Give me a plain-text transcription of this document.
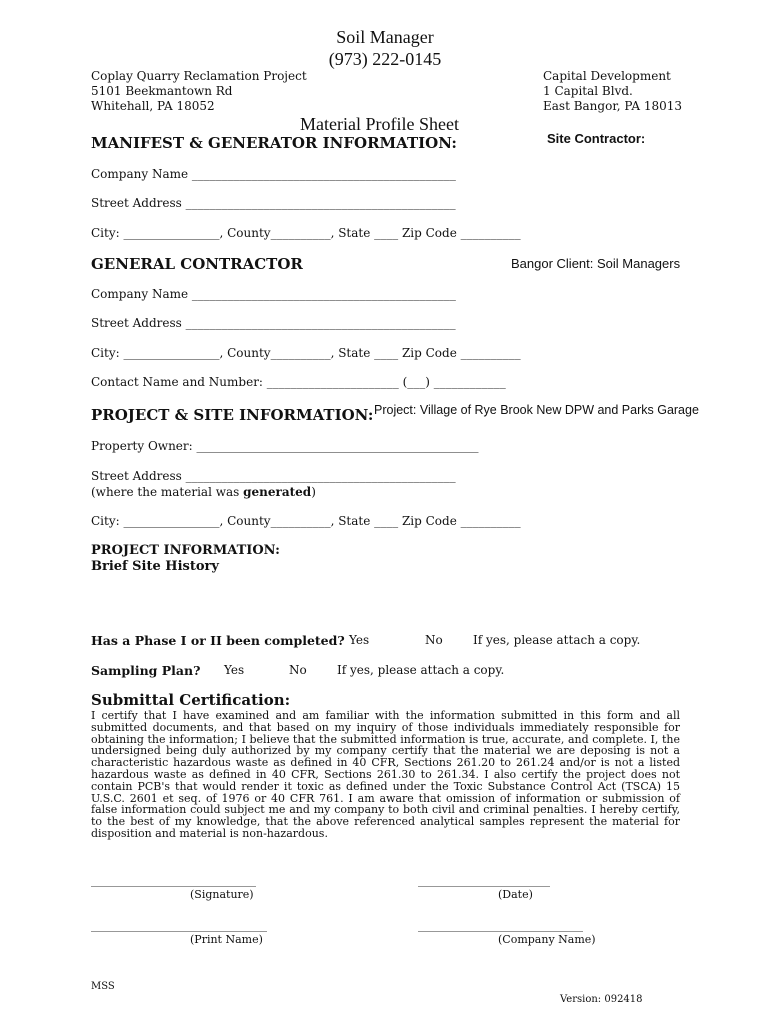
Soil Manager
(973) 222-0145
Coplay Quarry Reclamation Project
5101 Beekmantown Rd
Whitehall, PA 18052
Capital Development
1 Capital Blvd.
East Bangor, PA 18013
Material Profile Sheet
Site Contractor:
MANIFEST & GENERATOR INFORMATION:
Company Name ____________________________________________
Street Address _____________________________________________
City: ________________, County__________, State ____ Zip Code __________
GENERAL CONTRACTOR	Bangor Client: Soil Managers
Company Name ____________________________________________
Street Address _____________________________________________
City: ________________, County__________, State ____ Zip Code __________
Contact Name and Number: ______________________ (___) ____________
PROJECT & SITE INFORMATION: Project: Village of Rye Brook New DPW and Parks Garage
Property Owner: _______________________________________________
Street Address _____________________________________________
(where the material was generated)
City: ________________, County__________, State ____ Zip Code __________
PROJECT INFORMATION:
Brief Site History
Has a Phase I or II been completed? Yes	No	If yes, please attach a copy.
Sampling Plan? Yes	No	If yes, please attach a copy.
Submittal Certification:
I certify that I have examined and am familiar with the information submitted in this form and all submitted documents, and that based on my inquiry of those individuals immediately responsible for obtaining the information; I believe that the submitted information is true, accurate, and complete. I, the undersigned being duly authorized by my company certify that the material we are deposing is not a characteristic hazardous waste as defined in 40 CFR, Sections 261.20 to 261.24 and/or is not a listed hazardous waste as defined in 40 CFR, Sections 261.30 to 261.34. I also certify the project does not contain PCB's that would render it toxic as defined under the Toxic Substance Control Act (TSCA) 15 U.S.C. 2601 et seq. of 1976 or 40 CFR 761. I am aware that omission of information or submission of false information could subject me and my company to both civil and criminal penalties. I hereby certify, to the best of my knowledge, that the above referenced analytical samples represent the material for disposition and material is non-hazardous.
______________________________	________________________
(Signature)	(Date)
________________________________	______________________________
(Print Name)	(Company Name)
MSS
Version: 092418
